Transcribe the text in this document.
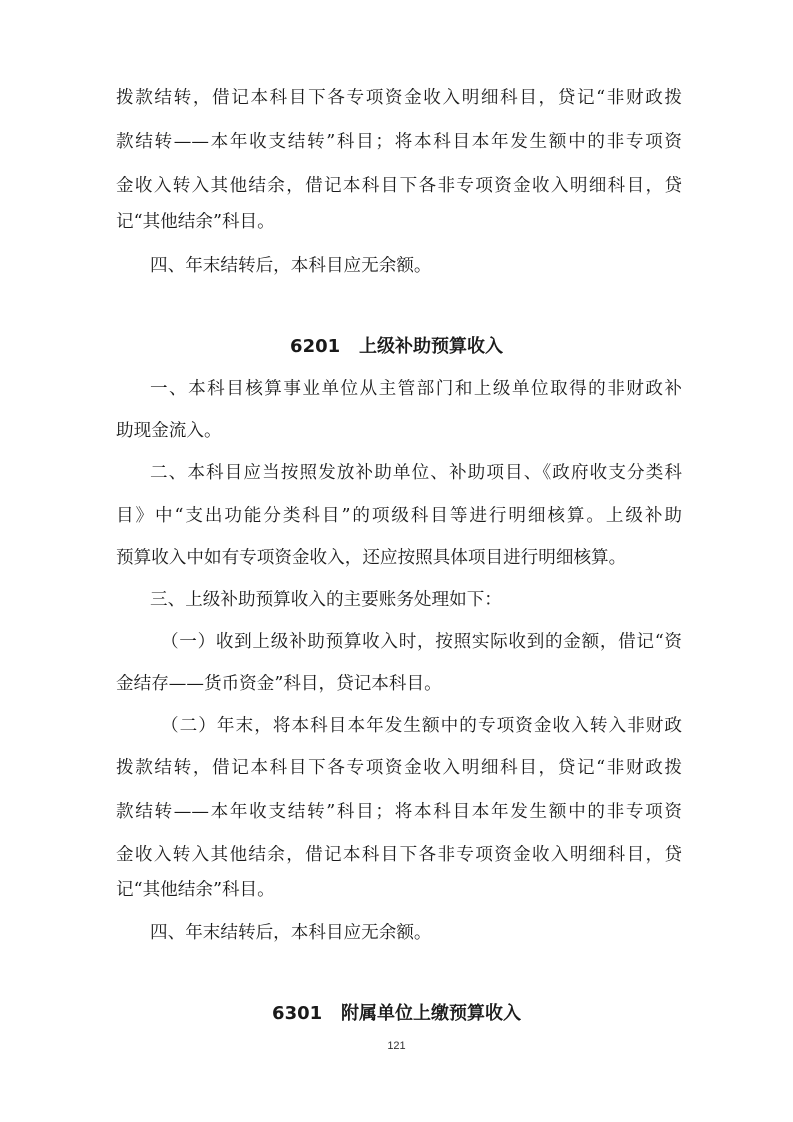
拨款结转，借记本科目下各专项资金收入明细科目，贷记“非财政拨
款结转——本年收支结转”科目；将本科目本年发生额中的非专项资
金收入转入其他结余，借记本科目下各非专项资金收入明细科目，贷
记“其他结余”科目。
四、年末结转后，本科目应无余额。
6201   上级补助预算收入
一、本科目核算事业单位从主管部门和上级单位取得的非财政补
助现金流入。
二、本科目应当按照发放补助单位、补助项目、《政府收支分类科
目》中“支出功能分类科目”的项级科目等进行明细核算。上级补助
预算收入中如有专项资金收入，还应按照具体项目进行明细核算。
三、上级补助预算收入的主要账务处理如下：
（一）收到上级补助预算收入时，按照实际收到的金额，借记“资
金结存——货币资金”科目，贷记本科目。
（二）年末，将本科目本年发生额中的专项资金收入转入非财政
拨款结转，借记本科目下各专项资金收入明细科目，贷记“非财政拨
款结转——本年收支结转”科目；将本科目本年发生额中的非专项资
金收入转入其他结余，借记本科目下各非专项资金收入明细科目，贷
记“其他结余”科目。
四、年末结转后，本科目应无余额。
6301   附属单位上缴预算收入
121
